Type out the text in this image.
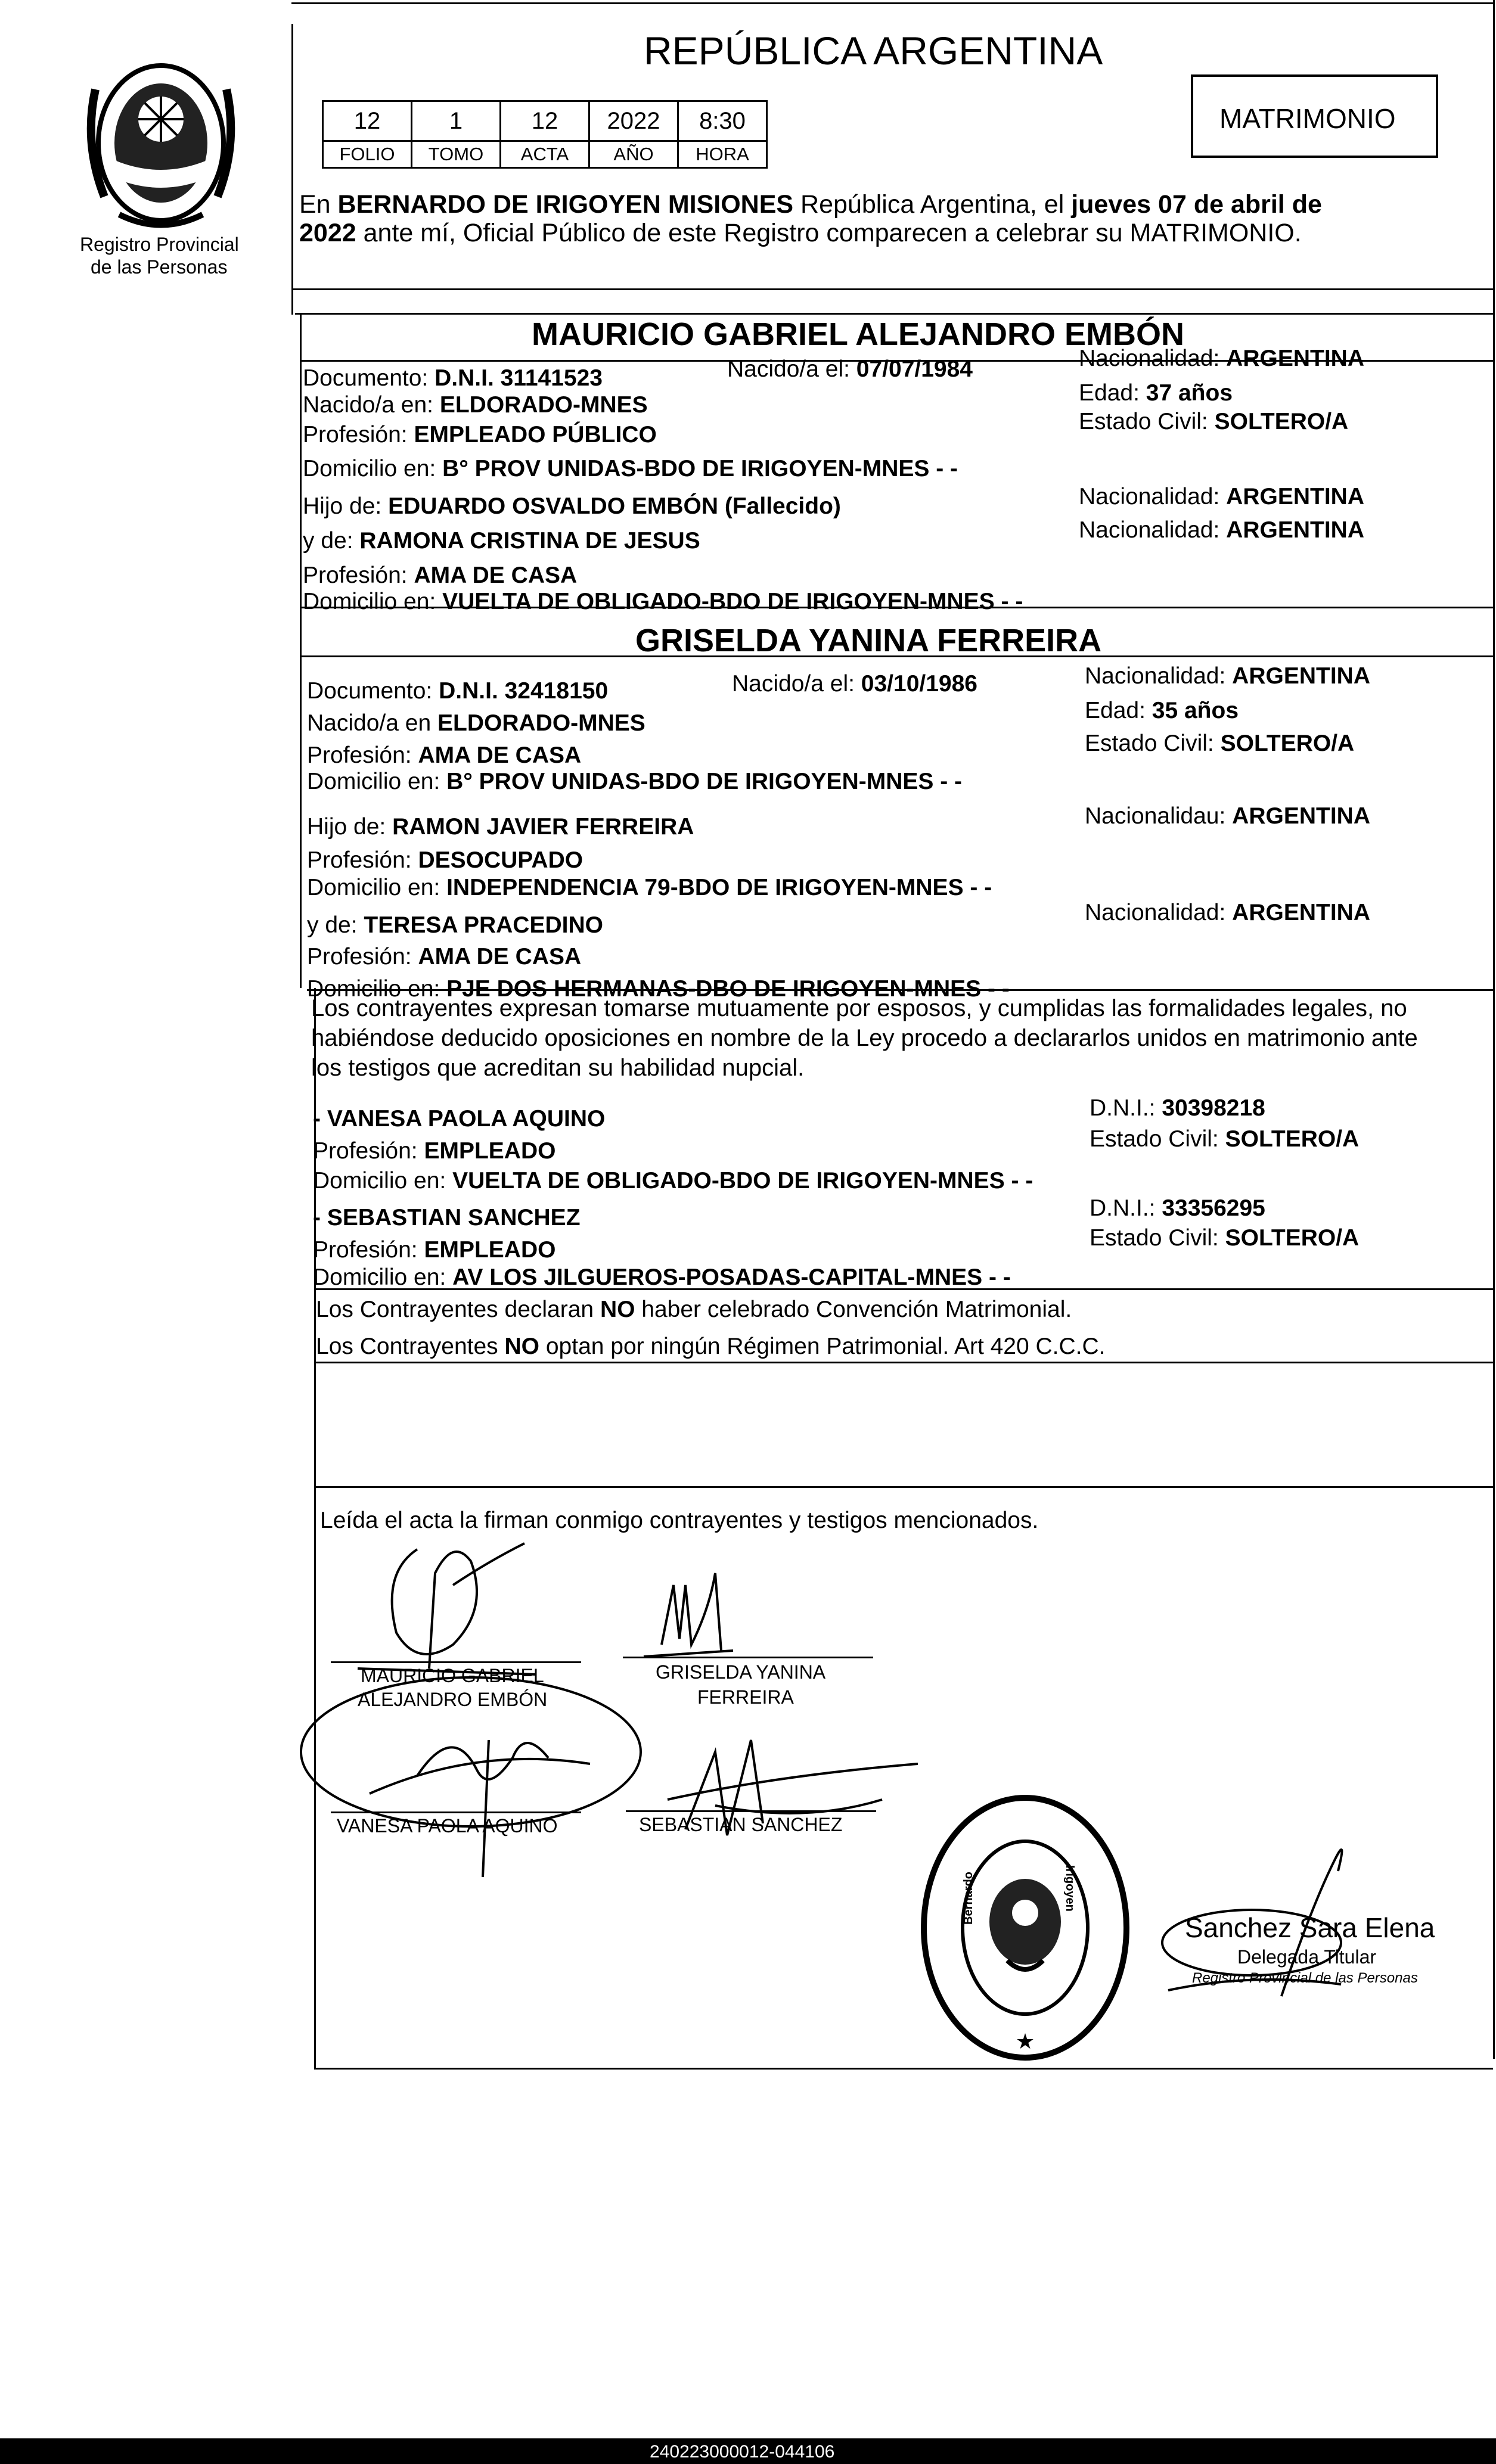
Registro Provincial
de las Personas
REPÚBLICA ARGENTINA
MATRIMONIO
12	1	12	2022	8:30
FOLIO	TOMO	ACTA	AÑO	HORA
En BERNARDO DE IRIGOYEN MISIONES República Argentina, el jueves 07 de abril de
2022 ante mí, Oficial Público de este Registro comparecen a celebrar su MATRIMONIO.
MAURICIO GABRIEL ALEJANDRO EMBÓN
Documento: D.N.I. 31141523	Nacido/a el: 07/07/1984	Nacionalidad: ARGENTINA
Nacido/a en: ELDORADO-MNES	Edad: 37 años
Profesión: EMPLEADO PÚBLICO
Estado Civil: SOLTERO/A
Domicilio en: B° PROV UNIDAS-BDO DE IRIGOYEN-MNES - -
Hijo de: EDUARDO OSVALDO EMBÓN (Fallecido)	Nacionalidad: ARGENTINA
y de: RAMONA CRISTINA DE JESUS	Nacionalidad: ARGENTINA
Profesión: AMA DE CASA
Domicilio en: VUELTA DE OBLIGADO-BDO DE IRIGOYEN-MNES - -
GRISELDA YANINA FERREIRA
Documento: D.N.I. 32418150	Nacido/a el: 03/10/1986	Nacionalidad: ARGENTINA
Nacido/a en ELDORADO-MNES	Edad: 35 años
Profesión: AMA DE CASA	Estado Civil: SOLTERO/A
Domicilio en: B° PROV UNIDAS-BDO DE IRIGOYEN-MNES - -
Hijo de: RAMON JAVIER FERREIRA	Nacionalidau: ARGENTINA
Profesión: DESOCUPADO
Domicilio en: INDEPENDENCIA 79-BDO DE IRIGOYEN-MNES - -
y de: TERESA PRACEDINO	Nacionalidad: ARGENTINA
Profesión: AMA DE CASA
Domicilio en: PJE DOS HERMANAS-DBO DE IRIGOYEN-MNES - -
Los contrayentes expresan tomarse mutuamente por esposos, y cumplidas las formalidades legales, no
habiéndose deducido oposiciones en nombre de la Ley procedo a declararlos unidos en matrimonio ante
los testigos que acreditan su habilidad nupcial.
- VANESA PAOLA AQUINO	D.N.I.: 30398218
Profesión: EMPLEADO	Estado Civil: SOLTERO/A
Domicilio en: VUELTA DE OBLIGADO-BDO DE IRIGOYEN-MNES - -
- SEBASTIAN SANCHEZ	D.N.I.: 33356295
Profesión: EMPLEADO	Estado Civil: SOLTERO/A
Domicilio en: AV LOS JILGUEROS-POSADAS-CAPITAL-MNES - -
Los Contrayentes declaran NO haber celebrado Convención Matrimonial.
Los Contrayentes NO optan por ningún Régimen Patrimonial. Art 420 C.C.C.
Leída el acta la firman conmigo contrayentes y testigos mencionados.
MAURICIO GABRIEL
ALEJANDRO EMBÓN
GRISELDA YANINA
FERREIRA
VANESA PAOLA AQUINO	SEBASTIAN SANCHEZ
★
Bernardo	Irigoyen
Sanchez Sara Elena
Delegada Titular
Registro Provincial de las Personas
240223000012-044106
